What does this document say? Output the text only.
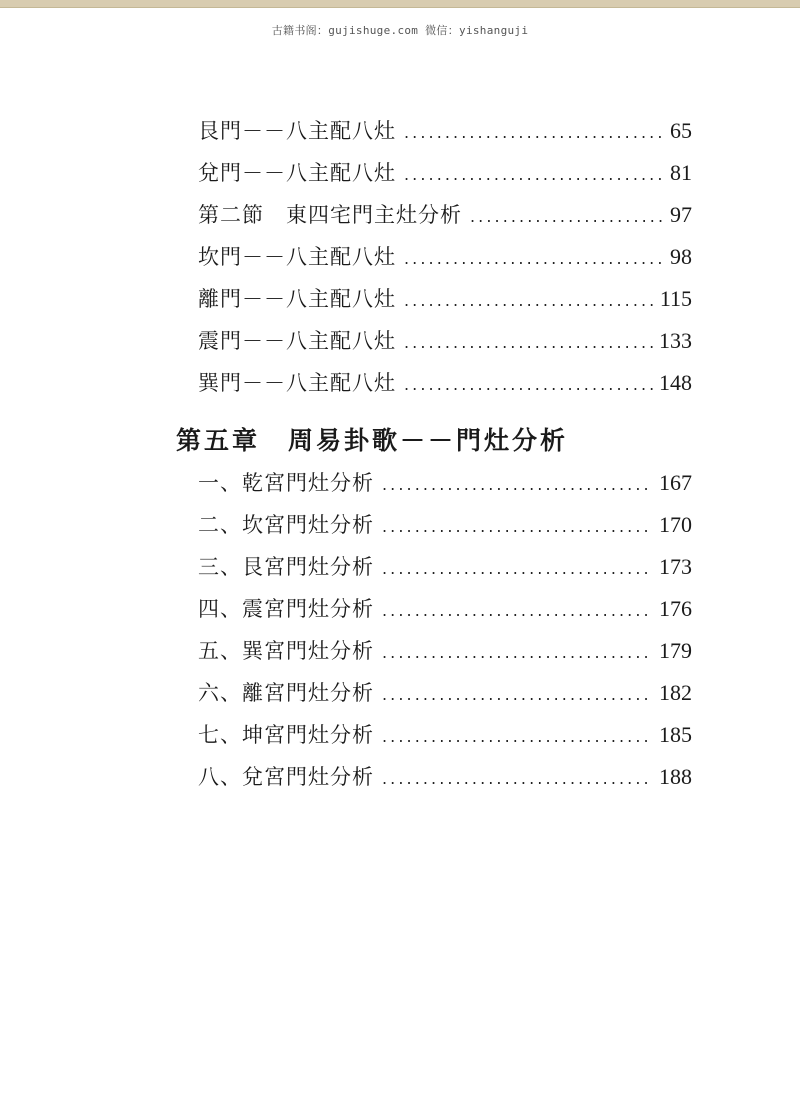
古籍书阁：gujishuge.com 微信：yishanguji
艮門－－八主配八灶 . . .	65
兌門－－八主配八灶 . . .	81
第二節　東四宅門主灶分析 . . .	97
坎門－－八主配八灶 . . .	98
離門－－八主配八灶 . . .	115
震門－－八主配八灶 . . .	133
巽門－－八主配八灶 . . .	148
第五章　周易卦歌－－門灶分析
一、乾宮門灶分析 . . .	167
二、坎宮門灶分析 . . .	170
三、艮宮門灶分析 . . .	173
四、震宮門灶分析 . . .	176
五、巽宮門灶分析 . . .	179
六、離宮門灶分析 . . .	182
七、坤宮門灶分析 . . .	185
八、兌宮門灶分析 . . .	188
